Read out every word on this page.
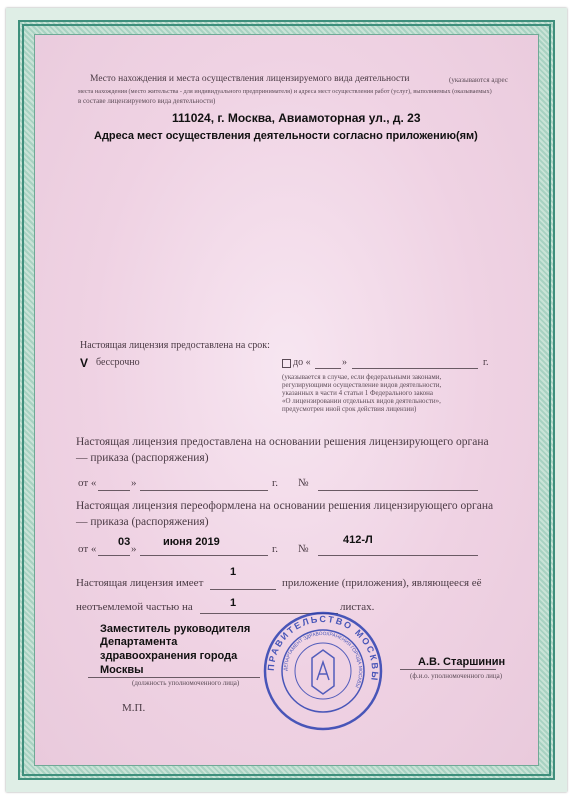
Место нахождения и места осуществления лицензируемого вида деятельности	(указываются адрес
места нахождения (место жительства - для индивидуального предпринимателя) и адреса мест осуществления работ (услуг), выполняемых (оказываемых)
в составе лицензируемого вида деятельности)
111024, г. Москва, Авиамоторная ул., д. 23
Адреса мест осуществления деятельности согласно приложению(ям)
Настоящая лицензия предоставлена на срок:
V бессрочно	до «	»	г.
(указывается в случае, если федеральными законами,
регулирующими осуществление видов деятельности,
указанных в части 4 статьи 1 Федерального закона
«О лицензировании отдельных видов деятельности»,
предусмотрен иной срок действия лицензии)
Настоящая лицензия предоставлена на основании решения лицензирующего органа
— приказа (распоряжения)
от «	»	г. №
Настоящая лицензия переоформлена на основании решения лицензирующего органа
— приказа (распоряжения)
от «
03
»
июня 2019
г. №
412-Л
Настоящая лицензия имеет
1
приложение (приложения), являющееся её
неотъемлемой частью на	1	листах.
Заместитель руководителя
Департамента
здравоохранения города
Москвы
(должность уполномоченного лица)
А.В. Старшинин
(ф.и.о. уполномоченного лица)
М.П.
ПРАВИТЕЛЬСТВО МОСКВЫ
ДЕПАРТАМЕНТ ЗДРАВООХРАНЕНИЯ ГОРОДА МОСКВЫ
